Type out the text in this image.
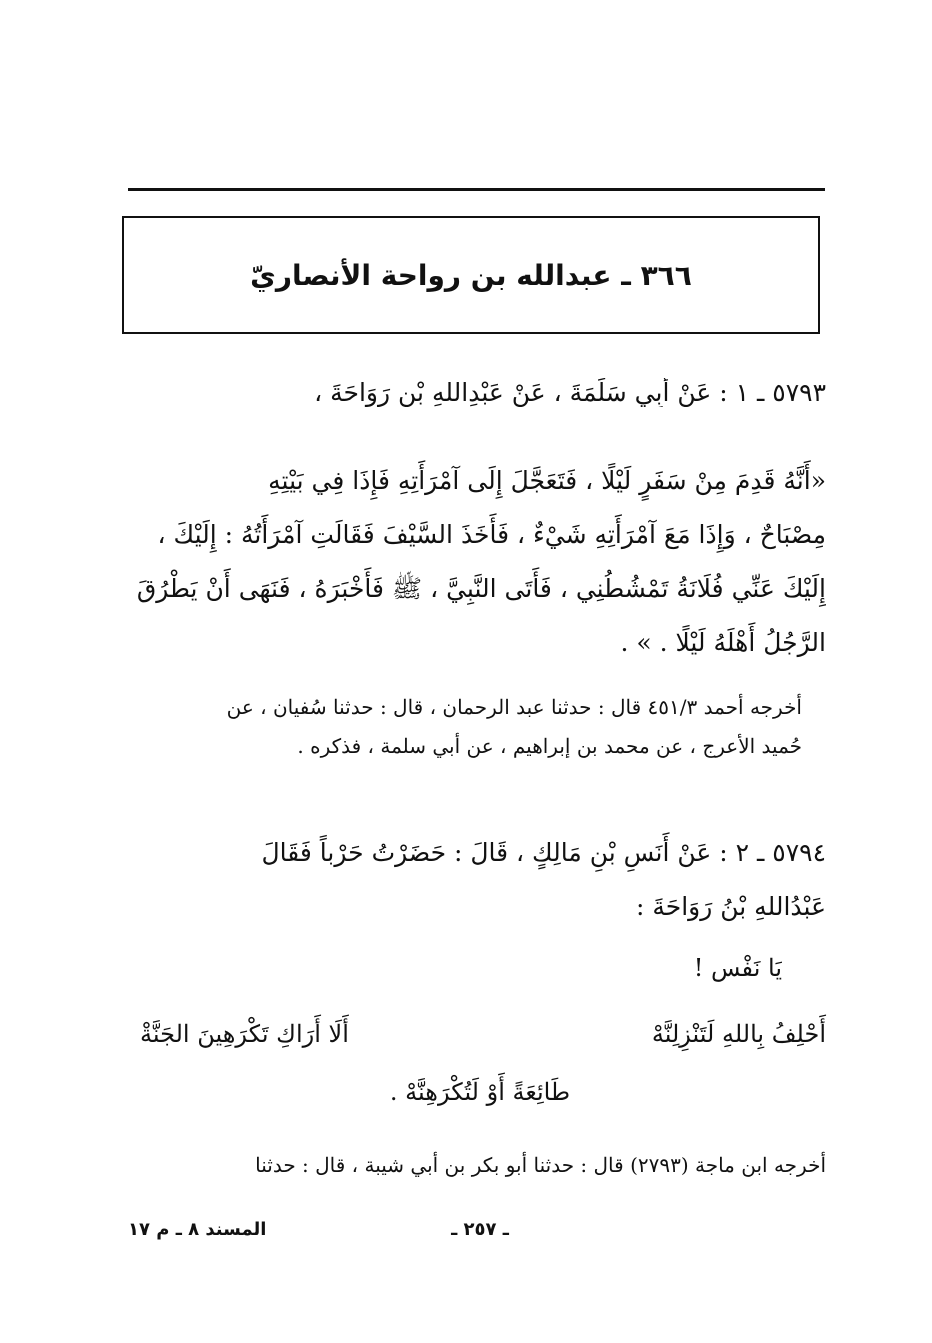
٣٦٦ ـ عبدالله بن رواحة الأنصاريّ
٥٧٩٣ ـ ١ : عَنْ أَبِي سَلَمَةَ ، عَنْ عَبْدِاللهِ بْنِ رَوَاحَةَ ،
«أَنَّهُ قَدِمَ مِنْ سَفَرٍ لَيْلًا ، فَتَعَجَّلَ إِلَى آمْرَأَتِهِ فَإِذَا فِي بَيْتِهِ
مِصْبَاحٌ ، وَإِذَا مَعَ آمْرَأَتِهِ شَيْءٌ ، فَأَخَذَ السَّيْفَ فَقَالَتِ آمْرَأَتُهُ : إِلَيْكَ ،
إِلَيْكَ عَنِّي فُلَانَةُ تَمْشُطُنِي ، فَأَتَى النَّبِيَّ ، ﷺ فَأَخْبَرَهُ ، فَنَهَى أَنْ يَطْرُقَ
الرَّجُلُ أَهْلَهُ لَيْلًا . » .
أخرجه أحمد ٤٥١/٣ قال : حدثنا عبد الرحمان ، قال : حدثنا سُفيان ، عن
حُميد الأعرج ، عن محمد بن إبراهيم ، عن أبي سلمة ، فذكره .
٥٧٩٤ ـ ٢ : عَنْ أَنَسِ بْنِ مَالِكٍ ، قَالَ : حَضَرْتُ حَرْباً فَقَالَ
عَبْدُاللهِ بْنُ رَوَاحَةَ :
يَا نَفْسِ !
أَحْلِفُ بِاللهِ لَتَنْزِلِنَّهْ
أَلَا أَرَاكِ تَكْرَهِينَ الجَنَّةْ
طَائِعَةً أَوْ لَتُكْرَهِنَّهْ .
أخرجه ابن ماجة (٢٧٩٣) قال : حدثنا أبو بكر بن أبي شيبة ، قال : حدثنا
ـ ٢٥٧ ـ
المسند ٨ ـ م ١٧
